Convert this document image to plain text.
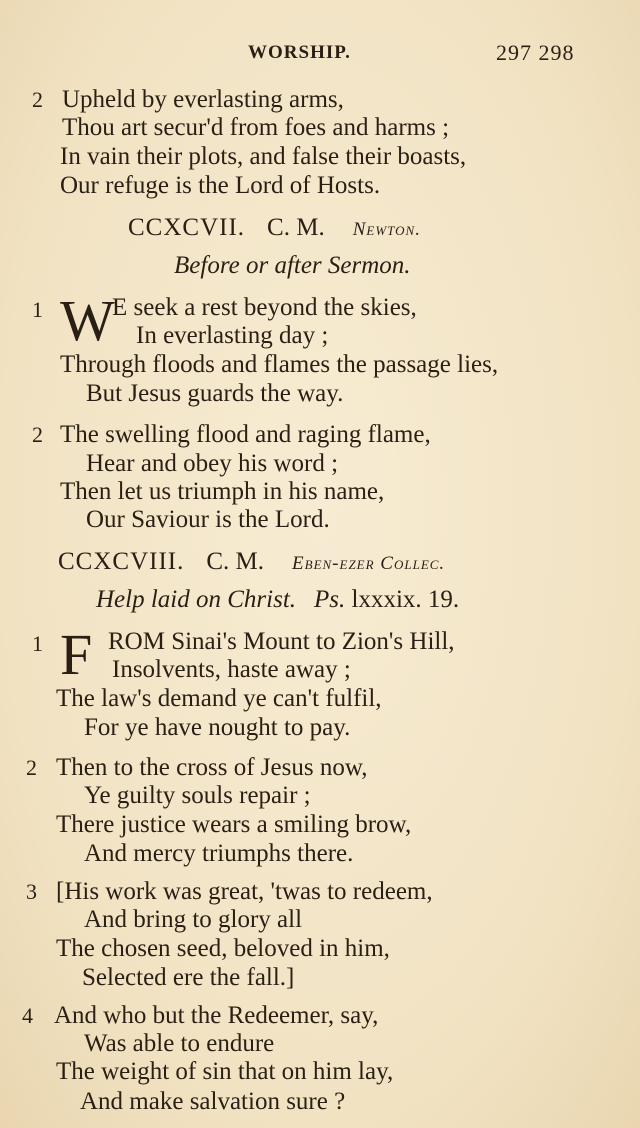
WORSHIP.	297 298
2 Upheld by everlasting arms,
Thou art secur'd from foes and harms ;
In vain their plots, and false their boasts,
Our refuge is the Lord of Hosts.
CCXCVII. C. M. Newton.
Before or after Sermon.
1 W
E seek a rest beyond the skies,
In everlasting day ;
Through floods and flames the passage lies,
But Jesus guards the way.
2 The swelling flood and raging flame,
Hear and obey his word ;
Then let us triumph in his name,
Our Saviour is the Lord.
CCXCVIII. C. M. Eben-ezer Collec.
Help laid on Christ. Ps. lxxxix. 19.
1 F ROM Sinai's Mount to Zion's Hill,
Insolvents, haste away ;
The law's demand ye can't fulfil,
For ye have nought to pay.
2 Then to the cross of Jesus now,
Ye guilty souls repair ;
There justice wears a smiling brow,
And mercy triumphs there.
3 [His work was great, 'twas to redeem,
And bring to glory all
The chosen seed, beloved in him,
Selected ere the fall.]
4 And who but the Redeemer, say,
Was able to endure
The weight of sin that on him lay,
And make salvation sure ?
